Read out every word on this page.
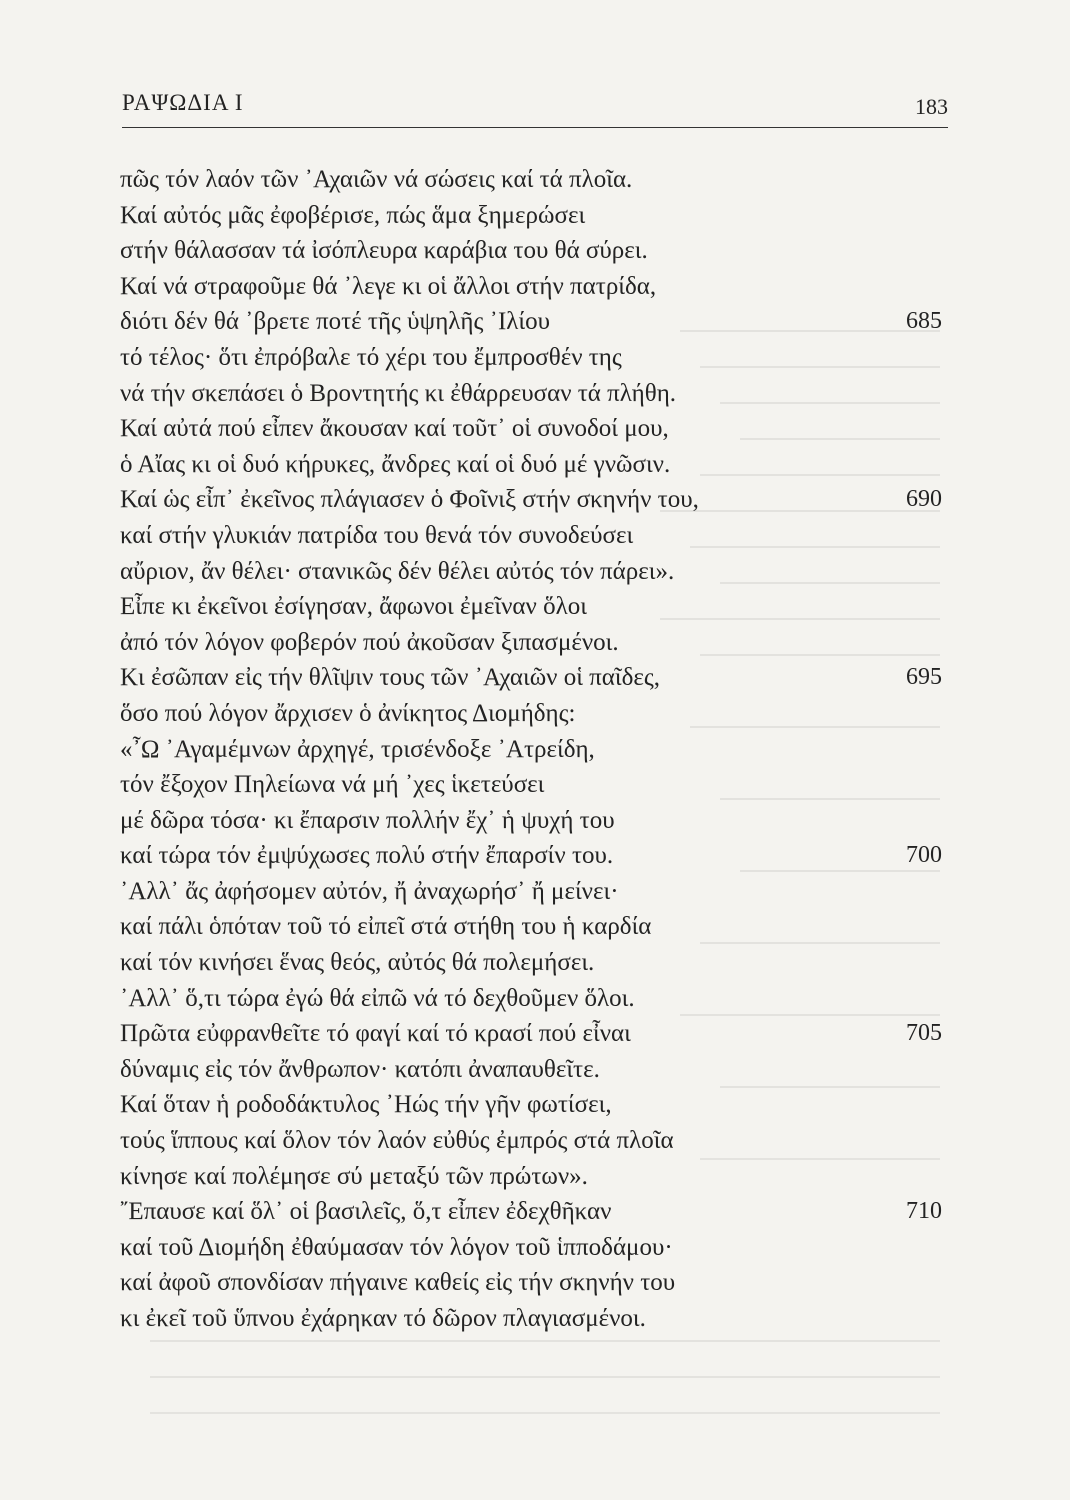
ΡΑΨΩΔΙΑ Ι	183
πῶς τόν λαόν τῶν ᾿Αχαιῶν νά σώσεις καί τά πλοῖα.
Καί αὐτός μᾶς ἐφοβέρισε, πώς ἅμα ξημερώσει
στήν θάλασσαν τά ἰσόπλευρα καράβια του θά σύρει.
Καί νά στραφοῦμε θά ᾽λεγε κι οἱ ἄλλοι στήν πατρίδα,
διότι δέν θά ᾽βρετε ποτέ τῆς ὑψηλῆς ᾽Ιλίου	685
τό τέλος· ὅτι ἐπρόβαλε τό χέρι του ἔμπροσθέν της
νά τήν σκεπάσει ὁ Βροντητής κι ἐθάρρευσαν τά πλήθη.
Καί αὐτά πού εἶπεν ἄκουσαν καί τοῦτ᾽ οἱ συνοδοί μου,
ὁ Αἴας κι οἱ δυό κήρυκες, ἄνδρες καί οἱ δυό μέ γνῶσιν.
Καί ὡς εἶπ᾽ ἐκεῖνος πλάγιασεν ὁ Φοῖνιξ στήν σκηνήν του,	690
καί στήν γλυκιάν πατρίδα του θενά τόν συνοδεύσει
αὔριον, ἄν θέλει· στανικῶς δέν θέλει αὐτός τόν πάρει».
Εἶπε κι ἐκεῖνοι ἐσίγησαν, ἄφωνοι ἐμεῖναν ὅλοι
ἀπό τόν λόγον φοβερόν πού ἀκοῦσαν ξιπασμένοι.
Κι ἐσῶπαν εἰς τήν θλῖψιν τους τῶν ᾽Αχαιῶν οἱ παῖδες,	695
ὅσο πού λόγον ἄρχισεν ὁ ἀνίκητος Διομήδης:
«῏Ω ᾽Αγαμέμνων ἀρχηγέ, τρισένδοξε ᾽Ατρείδη,
τόν ἔξοχον Πηλείωνα νά μή ᾽χες ἱκετεύσει
μέ δῶρα τόσα· κι ἔπαρσιν πολλήν ἔχ᾽ ἡ ψυχή του
καί τώρα τόν ἐμψύχωσες πολύ στήν ἔπαρσίν του.	700
᾽Αλλ᾽ ἄς ἀφήσομεν αὐτόν, ἤ ἀναχωρήσ᾽ ἤ μείνει·
καί πάλι ὁπόταν τοῦ τό εἰπεῖ στά στήθη του ἡ καρδία
καί τόν κινήσει ἕνας θεός, αὐτός θά πολεμήσει.
᾽Αλλ᾽ ὅ,τι τώρα ἐγώ θά εἰπῶ νά τό δεχθοῦμεν ὅλοι.
Πρῶτα εὐφρανθεῖτε τό φαγί καί τό κρασί πού εἶναι	705
δύναμις εἰς τόν ἄνθρωπον· κατόπι ἀναπαυθεῖτε.
Καί ὅταν ἡ ροδοδάκτυλος ᾽Ηώς τήν γῆν φωτίσει,
τούς ἵππους καί ὅλον τόν λαόν εὐθύς ἐμπρός στά πλοῖα
κίνησε καί πολέμησε σύ μεταξύ τῶν πρώτων».
῎Επαυσε καί ὅλ᾽ οἱ βασιλεῖς, ὅ,τ εἶπεν ἐδεχθῆκαν	710
καί τοῦ Διομήδη ἐθαύμασαν τόν λόγον τοῦ ἱπποδάμου·
καί ἀφοῦ σπονδίσαν πήγαινε καθείς εἰς τήν σκηνήν του
κι ἐκεῖ τοῦ ὕπνου ἐχάρηκαν τό δῶρον πλαγιασμένοι.
